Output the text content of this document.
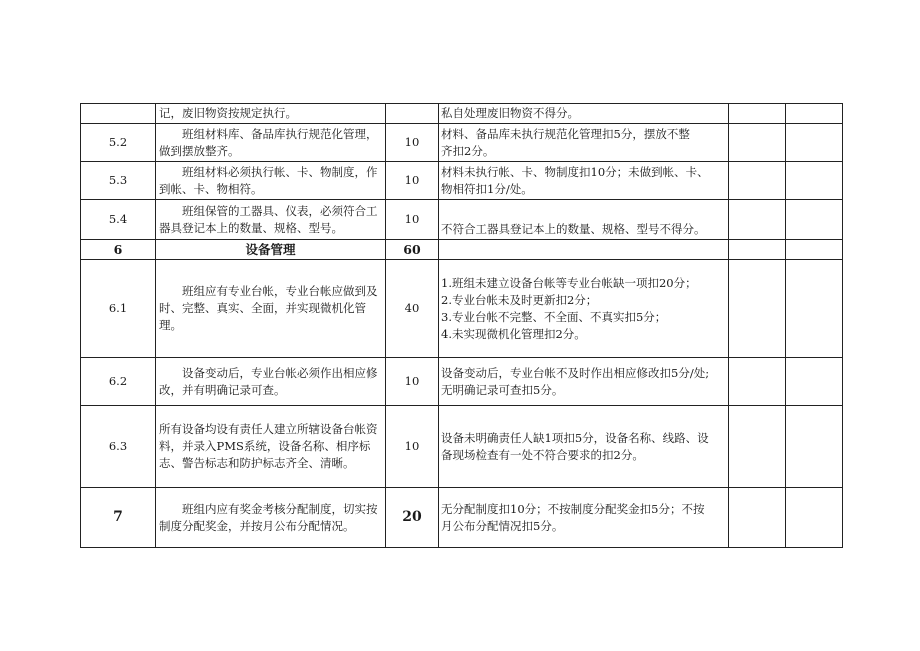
	记，废旧物资按规定执行。		私自处理废旧物资不得分。		

5.2	班组材料库、备品库执行规范化管理，做到摆放整齐。	10	材料、备品库未执行规范化管理扣5分，摆放不整
齐扣2分。		

5.3	班组材料必须执行帐、卡、物制度，作到帐、卡、物相符。	10	材料未执行帐、卡、物制度扣10分；未做到帐、卡、
物相符扣1分/处。		

5.4	班组保管的工器具、仪表，必须符合工器具登记本上的数量、规格、型号。	10	不符合工器具登记本上的数量、规格、型号不得分。		

6	设备管理	60			
6.1	班组应有专业台帐，专业台帐应做到及时、完整、真实、全面，并实现微机化管理。	40	1.班组未建立设备台帐等专业台帐缺一项扣20分；
2.专业台帐未及时更新扣2分；
3.专业台帐不完整、不全面、不真实扣5分；
4.未实现微机化管理扣2分。		

6.2	设备变动后，专业台帐必须作出相应修改，并有明确记录可查。	10	设备变动后，专业台帐不及时作出相应修改扣5分/处;
无明确记录可查扣5分。		

6.3	所有设备均设有责任人建立所辖设备台帐资料，并录入PMS系统，设备名称、相序标志、警告标志和防护标志齐全、清晰。	10	设备未明确责任人缺1项扣5分，设备名称、线路、设
备现场检查有一处不符合要求的扣2分。		

7	班组内应有奖金考核分配制度，切实按制度分配奖金，并按月公布分配情况。	20	无分配制度扣10分；不按制度分配奖金扣5分；不按
月公布分配情况扣5分。		
